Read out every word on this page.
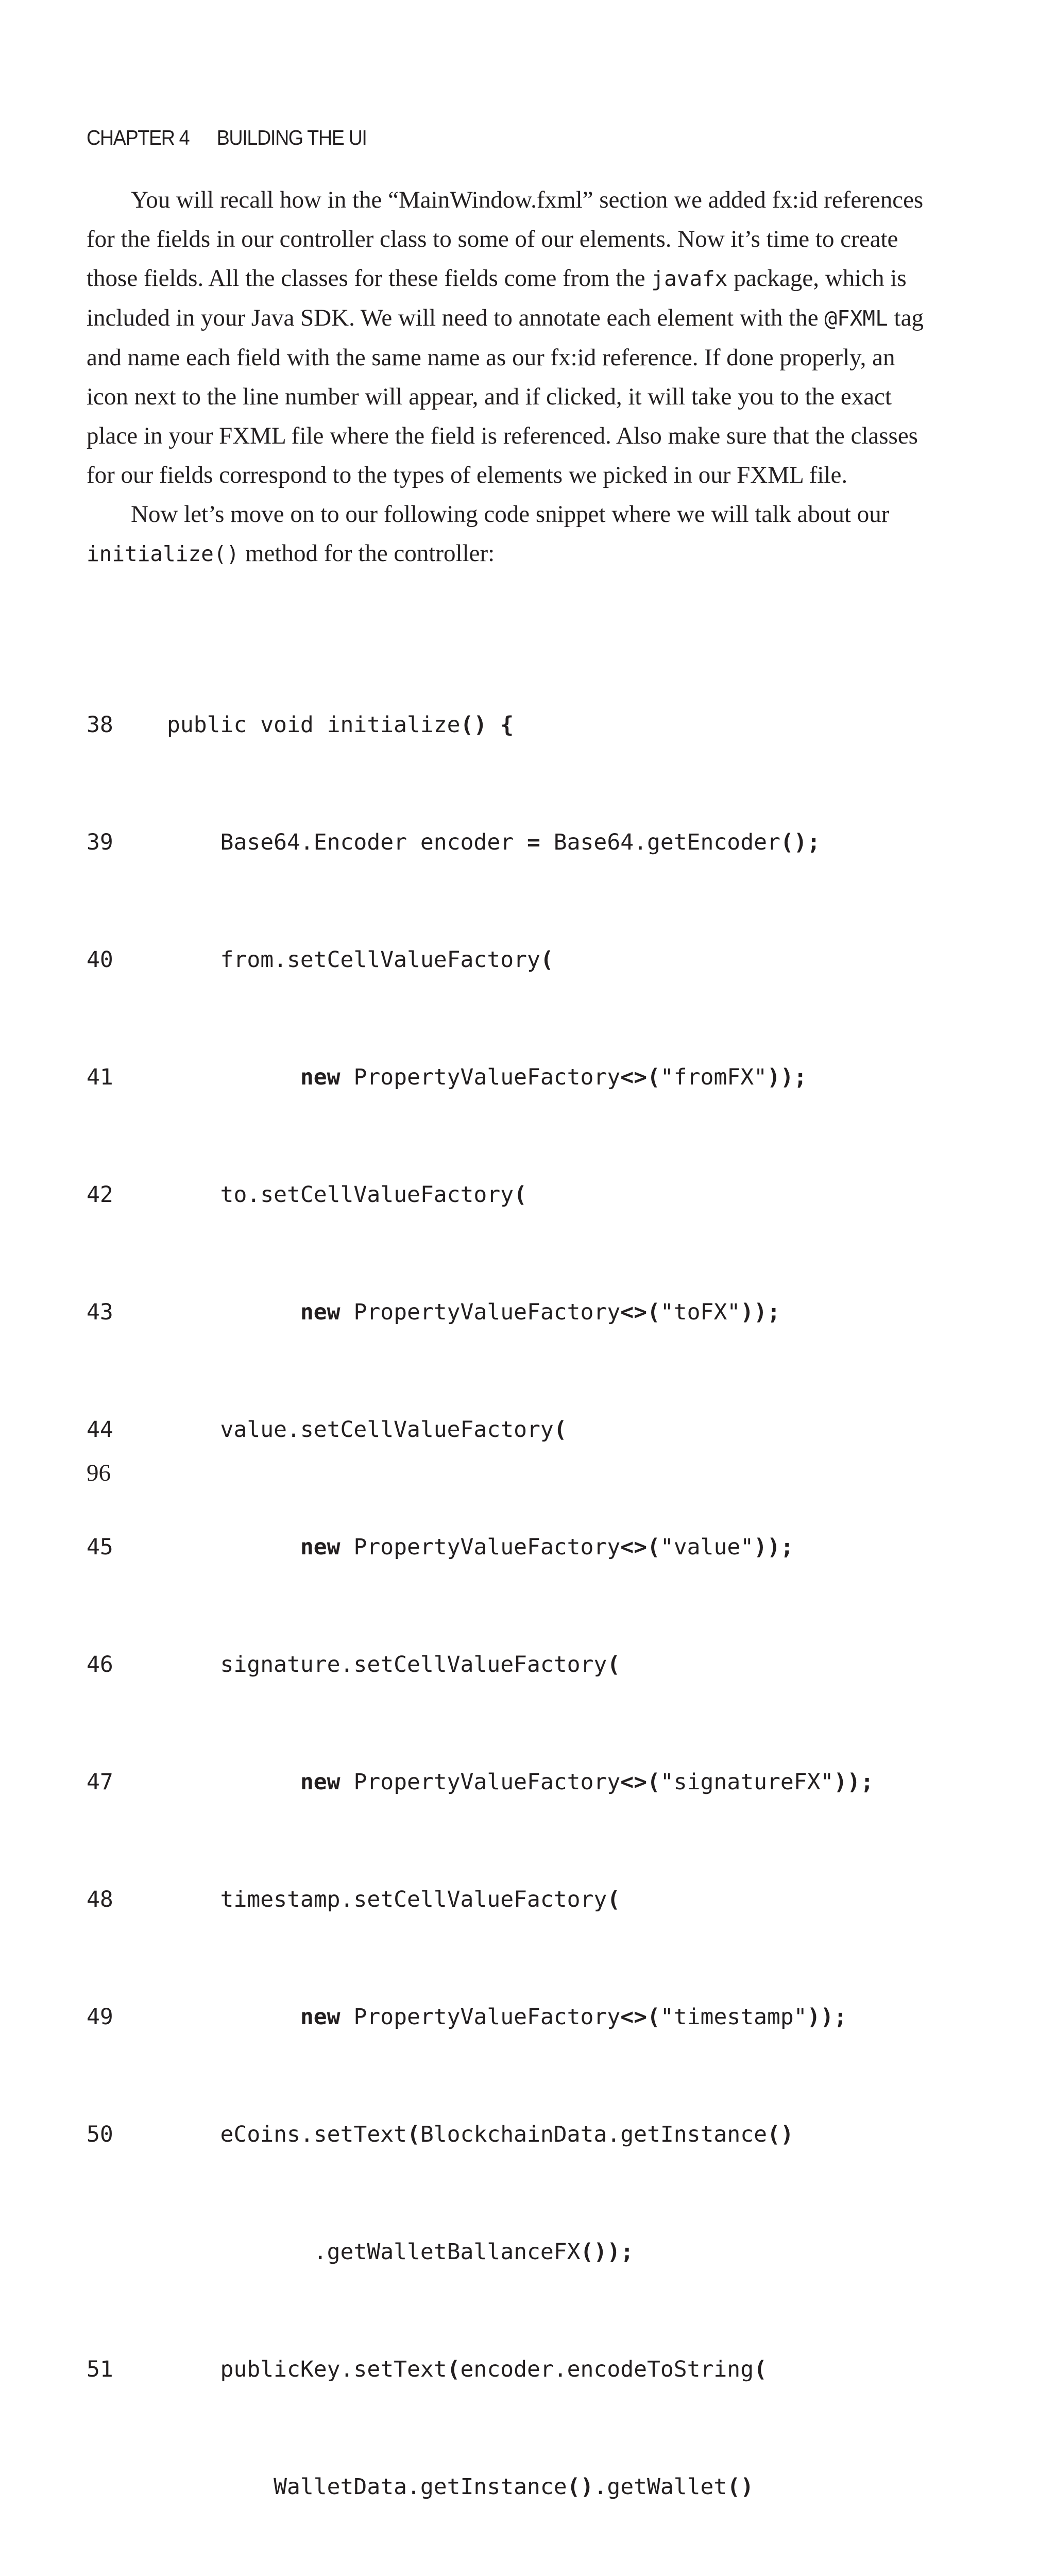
CHAPTER 4 BUILDING THE UI

You will recall how in the “MainWindow.fxml” section we added fx:id references for the fields in our controller class to some of our elements. Now it’s time to create those fields. All the classes for these fields come from the javafx package, which is included in your Java SDK. We will need to annotate each element with the @FXML tag and name each field with the same name as our fx:id reference. If done properly, an icon next to the line number will appear, and if clicked, it will take you to the exact place in your FXML file where the field is referenced. Also make sure that the classes for our fields correspond to the types of elements we picked in our FXML file.

Now let’s move on to our following code snippet where we will talk about our initialize() method for the controller:

38 public void initialize() {

39    Base64.Encoder encoder = Base64.getEncoder();

40    from.setCellValueFactory(

41	new PropertyValueFactory<>("fromFX"));

42    to.setCellValueFactory(

43	new PropertyValueFactory<>("toFX"));

44    value.setCellValueFactory(

45	new PropertyValueFactory<>("value"));

46    signature.setCellValueFactory(

47	new PropertyValueFactory<>("signatureFX"));

48    timestamp.setCellValueFactory(

49	new PropertyValueFactory<>("timestamp"));

50    eCoins.setText(BlockchainData.getInstance()

.getWalletBallanceFX());

51    publicKey.setText(encoder.encodeToString(

WalletData.getInstance().getWallet()

96
